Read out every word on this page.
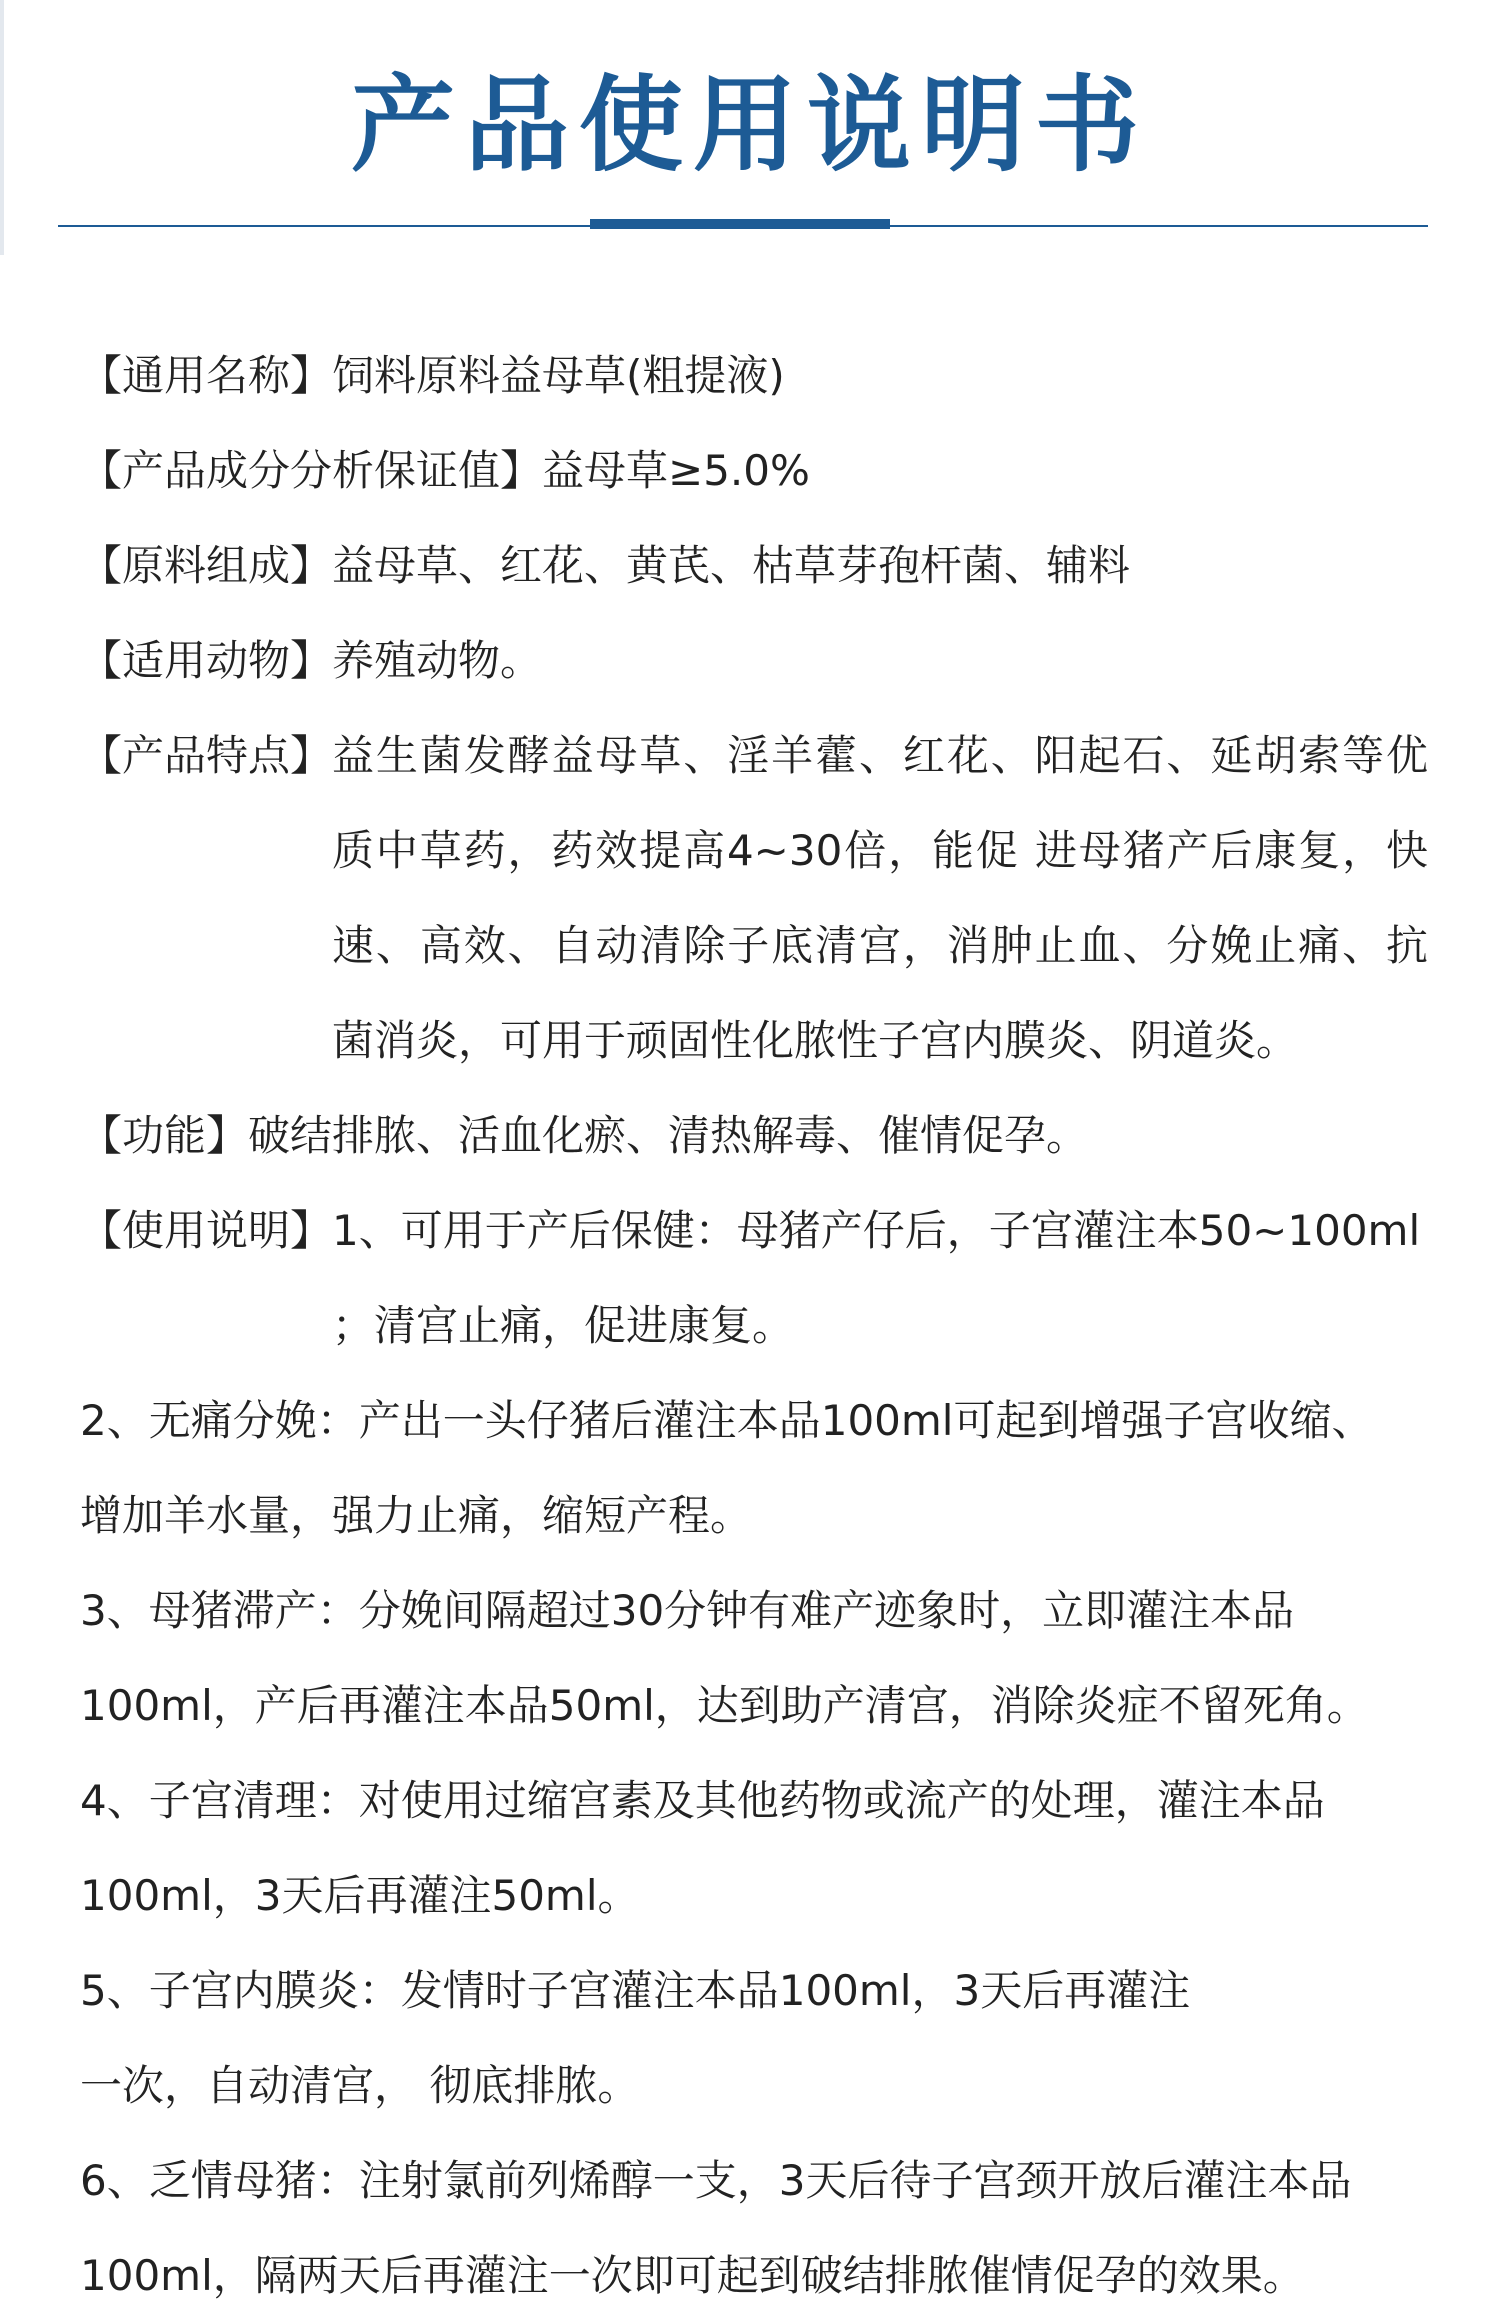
产品使用说明书
【通用名称】 饲料原料益母草(粗提液)
【产品成分分析保证值】 益母草≥5.0%
【原料组成】 益母草、红花、黄芪、枯草芽孢杆菌、辅料
【适用动物】 养殖动物。
【产品特点】 益生菌发酵益母草、淫羊藿、红花、阳起石、延胡索等优
质中草药，药效提高4~30倍，能促 进母猪产后康复，快
速、高效、自动清除子底清宫，消肿止血、分娩止痛、抗
菌消炎，可用于顽固性化脓性子宫内膜炎、阴道炎。
【功能】 破结排脓、活血化瘀、清热解毒、催情促孕。
【使用说明】 1、可用于产后保健：母猪产仔后，子宫灌注本50~100ml
；清宫止痛，促进康复。
2、无痛分娩：产出一头仔猪后灌注本品100ml可起到增强子宫收缩、
增加羊水量，强力止痛，缩短产程。
3、母猪滞产：分娩间隔超过30分钟有难产迹象时，立即灌注本品
100ml，产后再灌注本品50ml，达到助产清宫，消除炎症不留死角。
4、子宫清理：对使用过缩宫素及其他药物或流产的处理，灌注本品
100ml，3天后再灌注50ml。
5、子宫内膜炎：发情时子宫灌注本品100ml，3天后再灌注
一次，自动清宫， 彻底排脓。
6、乏情母猪：注射氯前列烯醇一支，3天后待子宫颈开放后灌注本品
100ml，隔两天后再灌注一次即可起到破结排脓催情促孕的效果。
